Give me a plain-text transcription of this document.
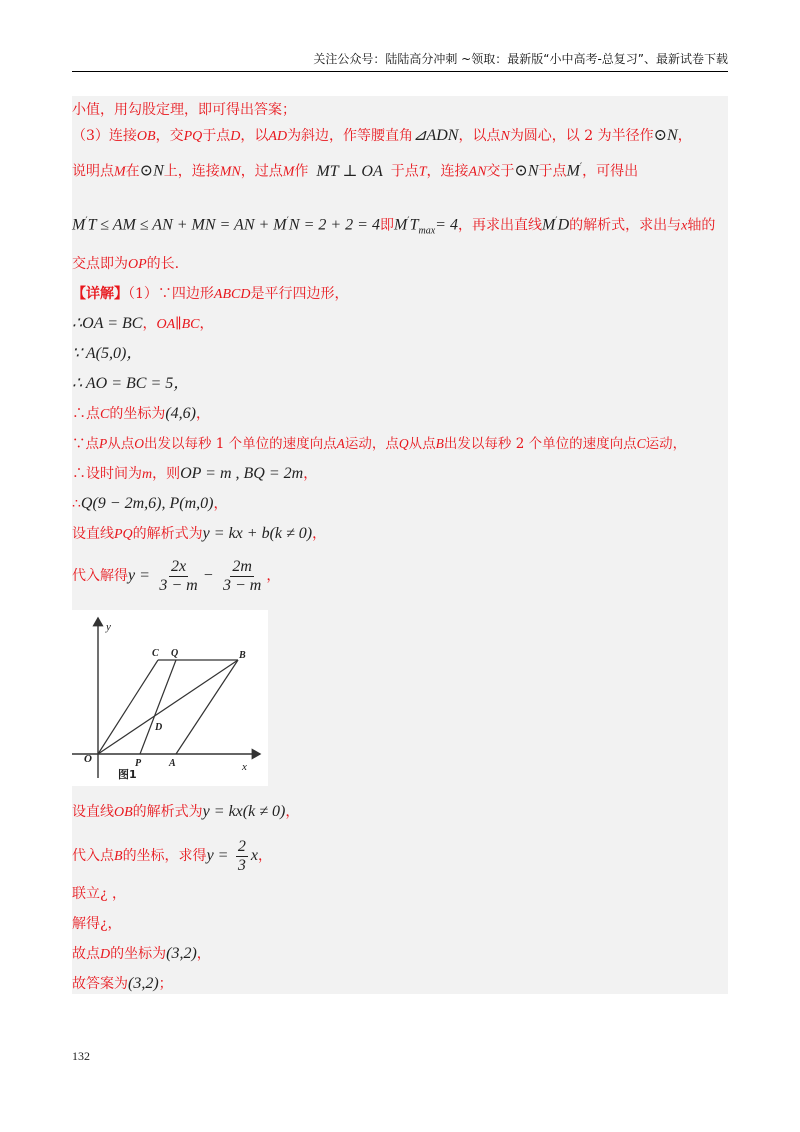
关注公众号：陆陆高分冲刺 ~领取：最新版“小中高考-总复习”、最新试卷下载
小值，用勾股定理，即可得出答案；
（3）连接OB，交PQ于点D，以AD为斜边，作等腰直角⊿ADN，以点N为圆心，以 2 为半径作⊙N，
说明点M在⊙N上，连接MN，过点M作 MT ⊥ OA 于点T，连接AN交于⊙N于点M′，可得出
M′T ≤ AM ≤ AN + MN = AN + M′N = 2 + 2 = 4即$M'T_{max}= 4$，再求出直线M′D的解析式，求出与x轴的
交点即为OP的长.
【详解】（1）∵四边形ABCD是平行四边形，
∴OA = BC，OA∥BC，
∵ A(5,0)，
∴ AO = BC = 5，
∴点C的坐标为(4,6)，
∵点P从点O出发以每秒 1 个单位的速度向点A运动，点Q从点B出发以每秒 2 个单位的速度向点C运动，
∴设时间为m，则OP = m , BQ = 2m，
∴Q(9 − 2m,6), P(m,0)，
设直线PQ的解析式为y = kx + b(k ≠ 0)，
代入解得$y = \frac{2x}{3 - m} - \frac{2m}{3 - m}$ ，
y
x
O	P	A
C Q	B
D
图1
设直线OB的解析式为y = kx(k ≠ 0)，
代入点B的坐标，求得$y = \frac{2}{3}$ x，
联立¿ ，
解得¿，
故点D的坐标为(3,2)，
故答案为(3,2)；
132
